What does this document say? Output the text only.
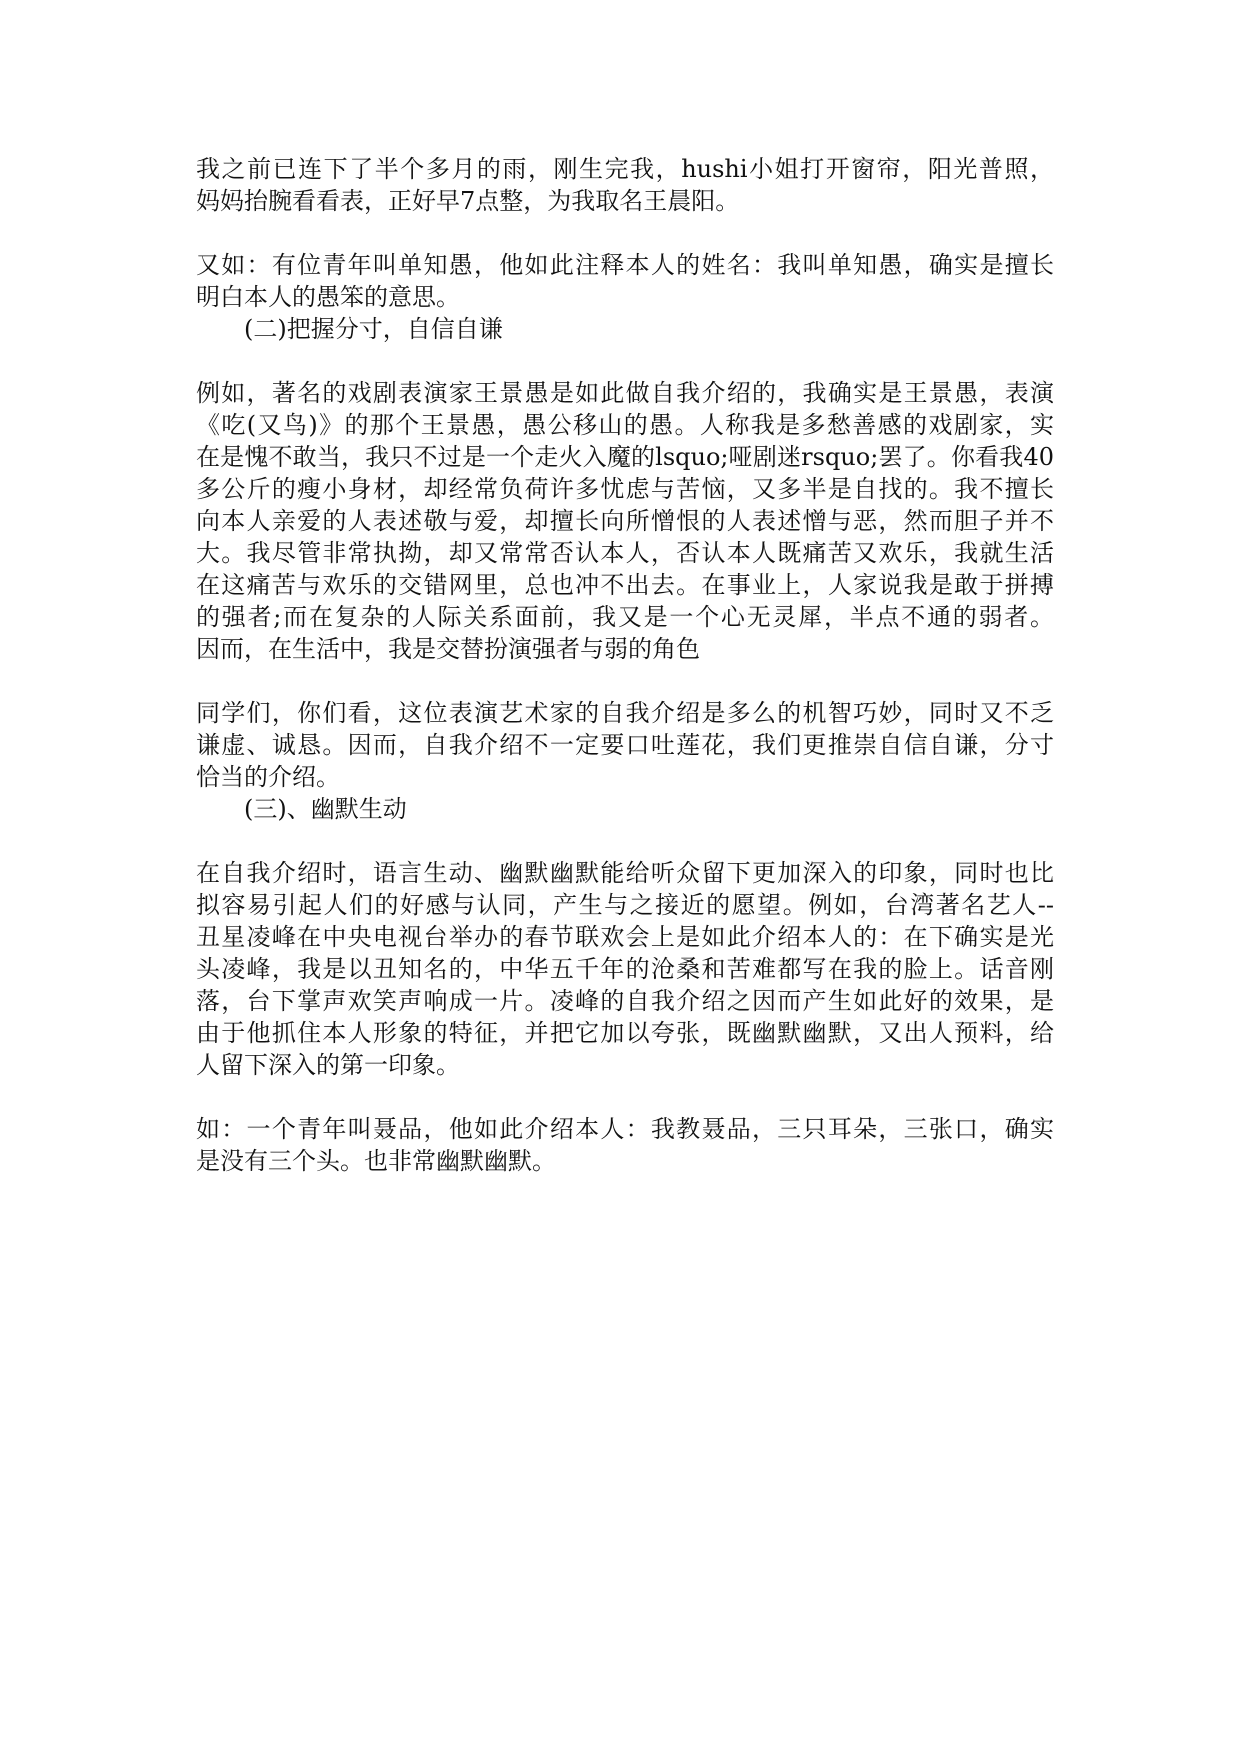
我之前已连下了半个多月的雨，刚生完我，hushi小姐打开窗帘，阳光普照，
妈妈抬腕看看表，正好早7点整，为我取名王晨阳。

又如：有位青年叫单知愚，他如此注释本人的姓名：我叫单知愚，确实是擅长
明白本人的愚笨的意思。

(二)把握分寸，自信自谦

例如，著名的戏剧表演家王景愚是如此做自我介绍的，我确实是王景愚，表演
《吃(又鸟)》的那个王景愚，愚公移山的愚。人称我是多愁善感的戏剧家，实
在是愧不敢当，我只不过是一个走火入魔的lsquo;哑剧迷rsquo;罢了。你看我40
多公斤的瘦小身材，却经常负荷许多忧虑与苦恼，又多半是自找的。我不擅长
向本人亲爱的人表述敬与爱，却擅长向所憎恨的人表述憎与恶，然而胆子并不
大。我尽管非常执拗，却又常常否认本人，否认本人既痛苦又欢乐，我就生活
在这痛苦与欢乐的交错网里，总也冲不出去。在事业上，人家说我是敢于拼搏
的强者;而在复杂的人际关系面前，我又是一个心无灵犀，半点不通的弱者。
因而，在生活中，我是交替扮演强者与弱的角色

同学们，你们看，这位表演艺术家的自我介绍是多么的机智巧妙，同时又不乏
谦虚、诚恳。因而，自我介绍不一定要口吐莲花，我们更推崇自信自谦，分寸
恰当的介绍。

(三)、幽默生动

在自我介绍时，语言生动、幽默幽默能给听众留下更加深入的印象，同时也比
拟容易引起人们的好感与认同，产生与之接近的愿望。例如，台湾著名艺人--
丑星凌峰在中央电视台举办的春节联欢会上是如此介绍本人的：在下确实是光
头凌峰，我是以丑知名的，中华五千年的沧桑和苦难都写在我的脸上。话音刚
落，台下掌声欢笑声响成一片。凌峰的自我介绍之因而产生如此好的效果，是
由于他抓住本人形象的特征，并把它加以夸张，既幽默幽默，又出人预料，给
人留下深入的第一印象。

如：一个青年叫聂品，他如此介绍本人：我教聂品，三只耳朵，三张口，确实
是没有三个头。也非常幽默幽默。
